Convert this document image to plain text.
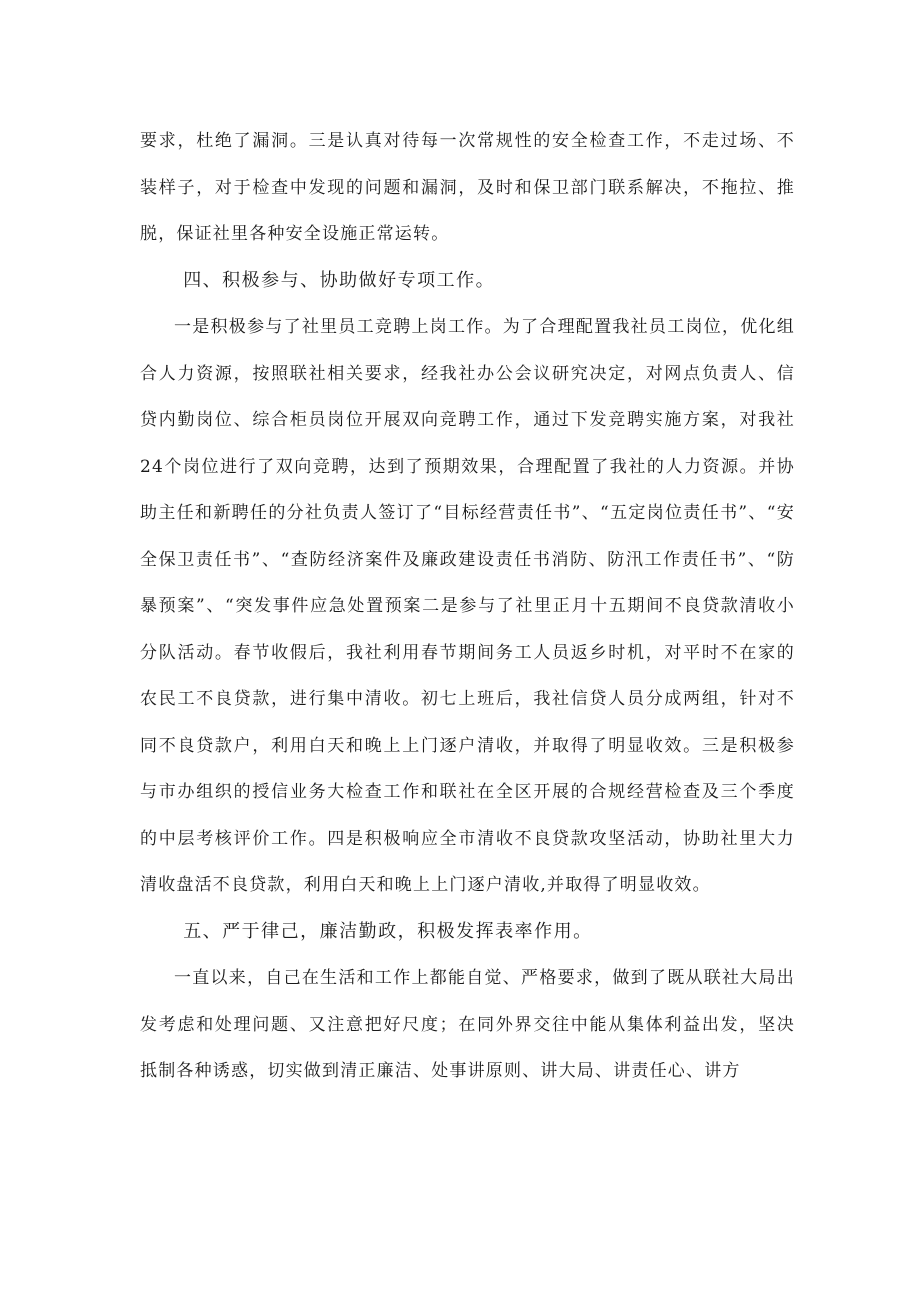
要求，杜绝了漏洞。三是认真对待每一次常规性的安全检查工作，不走过场、不装样子，对于检查中发现的问题和漏洞，及时和保卫部门联系解决，不拖拉、推脱，保证社里各种安全设施正常运转。

四、积极参与、协助做好专项工作。

一是积极参与了社里员工竞聘上岗工作。为了合理配置我社员工岗位，优化组合人力资源，按照联社相关要求，经我社办公会议研究决定，对网点负责人、信贷内勤岗位、综合柜员岗位开展双向竞聘工作，通过下发竞聘实施方案，对我社24个岗位进行了双向竞聘，达到了预期效果，合理配置了我社的人力资源。并协助主任和新聘任的分社负责人签订了“目标经营责任书”、“五定岗位责任书”、“安全保卫责任书”、“查防经济案件及廉政建设责任书消防、防汛工作责任书”、“防暴预案”、“突发事件应急处置预案二是参与了社里正月十五期间不良贷款清收小分队活动。春节收假后，我社利用春节期间务工人员返乡时机，对平时不在家的农民工不良贷款，进行集中清收。初七上班后，我社信贷人员分成两组，针对不同不良贷款户，利用白天和晚上上门逐户清收，并取得了明显收效。三是积极参与市办组织的授信业务大检查工作和联社在全区开展的合规经营检查及三个季度的中层考核评价工作。四是积极响应全市清收不良贷款攻坚活动，协助社里大力清收盘活不良贷款，利用白天和晚上上门逐户清收,并取得了明显收效。

五、严于律己，廉洁勤政，积极发挥表率作用。

一直以来，自己在生活和工作上都能自觉、严格要求，做到了既从联社大局出发考虑和处理问题、又注意把好尺度；在同外界交往中能从集体利益出发，坚决抵制各种诱惑，切实做到清正廉洁、处事讲原则、讲大局、讲责任心、讲方
